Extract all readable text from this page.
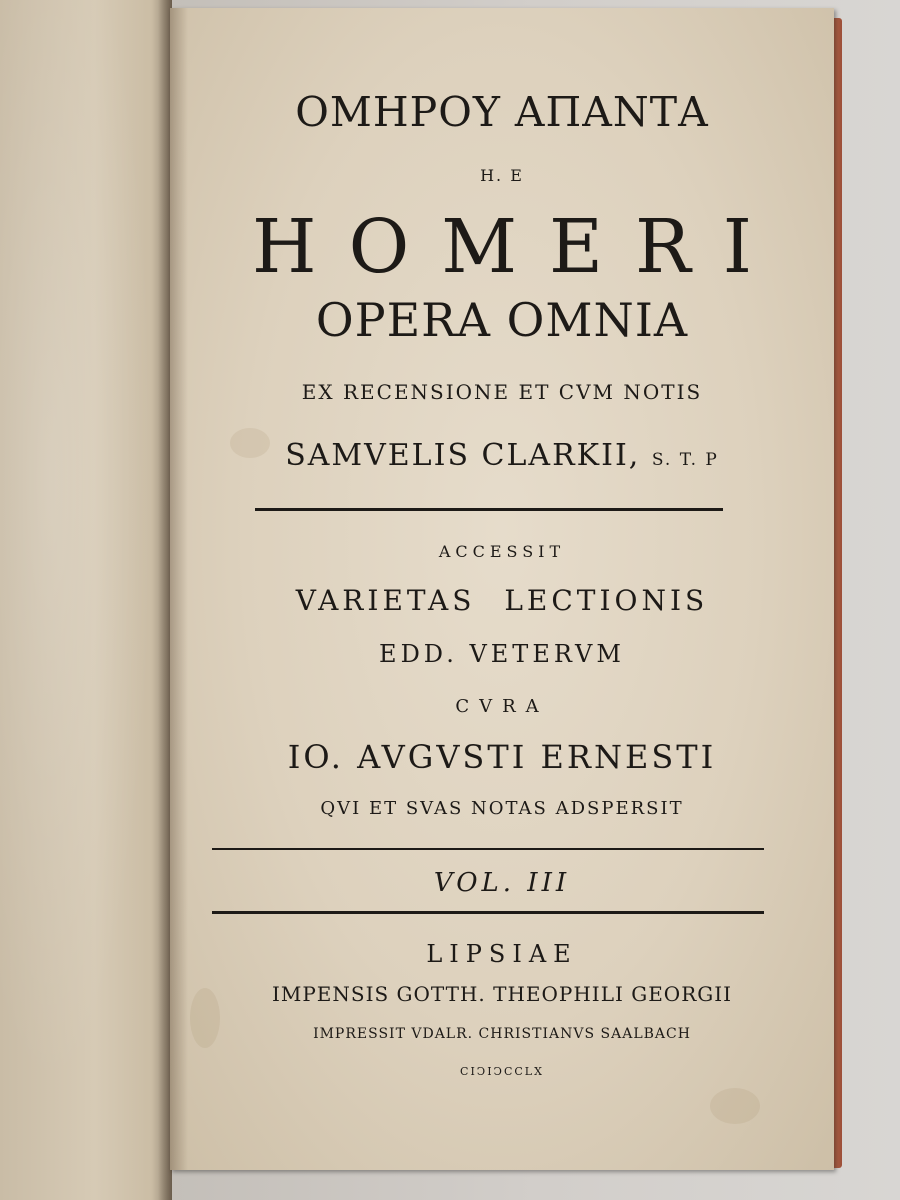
ΟΜΗΡΟΥ ΑΠΑΝΤΑ
H. E
HOMERI
OPERA OMNIA
EX RECENSIONE ET CVM NOTIS
SAMVELIS CLARKII, S. T. P
ACCESSIT
VARIETAS LECTIONIS
EDD. VETERVM
CVRA
IO. AVGVSTI ERNESTI
QVI ET SVAS NOTAS ADSPERSIT
VOL. III
LIPSIAE
IMPENSIS GOTTH. THEOPHILI GEORGII
IMPRESSIT VDALR. CHRISTIANVS SAALBACH
CIↃIↃCCLX
